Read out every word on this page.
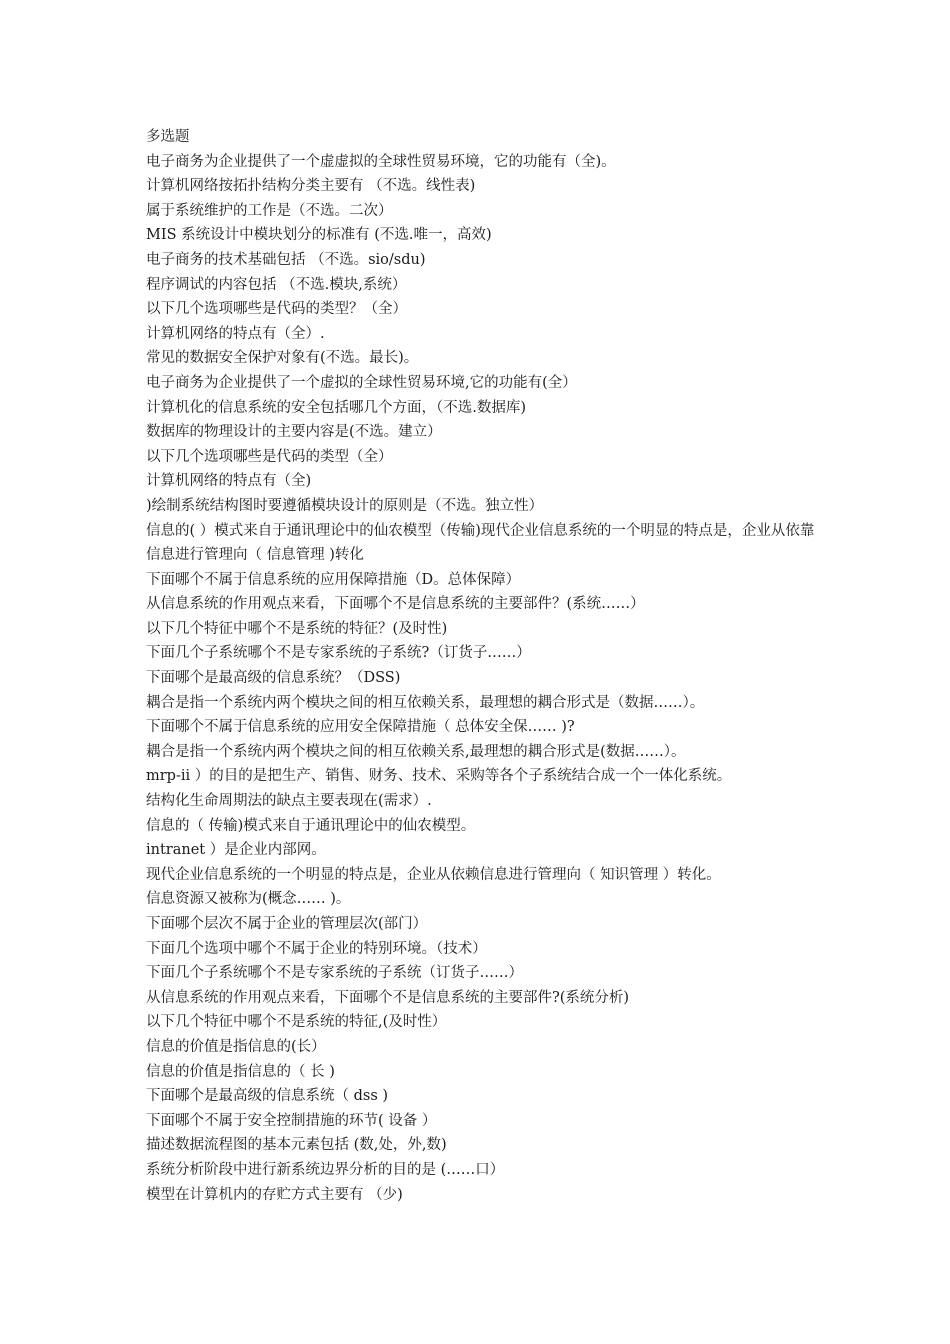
多选题
电子商务为企业提供了一个虚虚拟的全球性贸易环境，它的功能有（全)。
计算机网络按拓扑结构分类主要有 （不选。线性表)
属于系统维护的工作是（不选。二次）
MIS 系统设计中模块划分的标准有 (不选.唯一，高效)
电子商务的技术基础包括 （不选。sio/sdu)
程序调试的内容包括 （不选.模块,系统）
以下几个选项哪些是代码的类型？（全）
计算机网络的特点有（全）.
常见的数据安全保护对象有(不选。最长)。
电子商务为企业提供了一个虚拟的全球性贸易环境,它的功能有(全）
计算机化的信息系统的安全包括哪几个方面，（不选.数据库)
数据库的物理设计的主要内容是(不选。建立）
以下几个选项哪些是代码的类型（全）
计算机网络的特点有（全)
)绘制系统结构图时要遵循模块设计的原则是（不选。独立性）
信息的( ）模式来自于通讯理论中的仙农模型（传输)现代企业信息系统的一个明显的特点是，企业从依靠信息进行管理向（ 信息管理 )转化
下面哪个不属于信息系统的应用保障措施（D。总体保障）
从信息系统的作用观点来看，下面哪个不是信息系统的主要部件？(系统……）
以下几个特征中哪个不是系统的特征？(及时性)
下面几个子系统哪个不是专家系统的子系统?（订货子……）
下面哪个是最高级的信息系统？（DSS)
耦合是指一个系统内两个模块之间的相互依赖关系，最理想的耦合形式是（数据……）。
下面哪个不属于信息系统的应用安全保障措施（ 总体安全保…… )?
耦合是指一个系统内两个模块之间的相互依赖关系,最理想的耦合形式是(数据……）。
mrp-ii ）的目的是把生产、销售、财务、技术、采购等各个子系统结合成一个一体化系统。
结构化生命周期法的缺点主要表现在(需求）.
信息的（ 传输)模式来自于通讯理论中的仙农模型。
intranet ）是企业内部网。
现代企业信息系统的一个明显的特点是，企业从依赖信息进行管理向（ 知识管理 ）转化。
信息资源又被称为(概念…… )。
下面哪个层次不属于企业的管理层次(部门）
下面几个选项中哪个不属于企业的特别环境。（技术）
下面几个子系统哪个不是专家系统的子系统（订货子……）
从信息系统的作用观点来看，下面哪个不是信息系统的主要部件?(系统分析)
以下几个特征中哪个不是系统的特征,(及时性）
信息的价值是指信息的(长）
信息的价值是指信息的（ 长 )
下面哪个是最高级的信息系统（ dss )
下面哪个不属于安全控制措施的环节( 设备 ）
描述数据流程图的基本元素包括 (数,处，外,数)
系统分析阶段中进行新系统边界分析的目的是 (……口）
模型在计算机内的存贮方式主要有 （少)
